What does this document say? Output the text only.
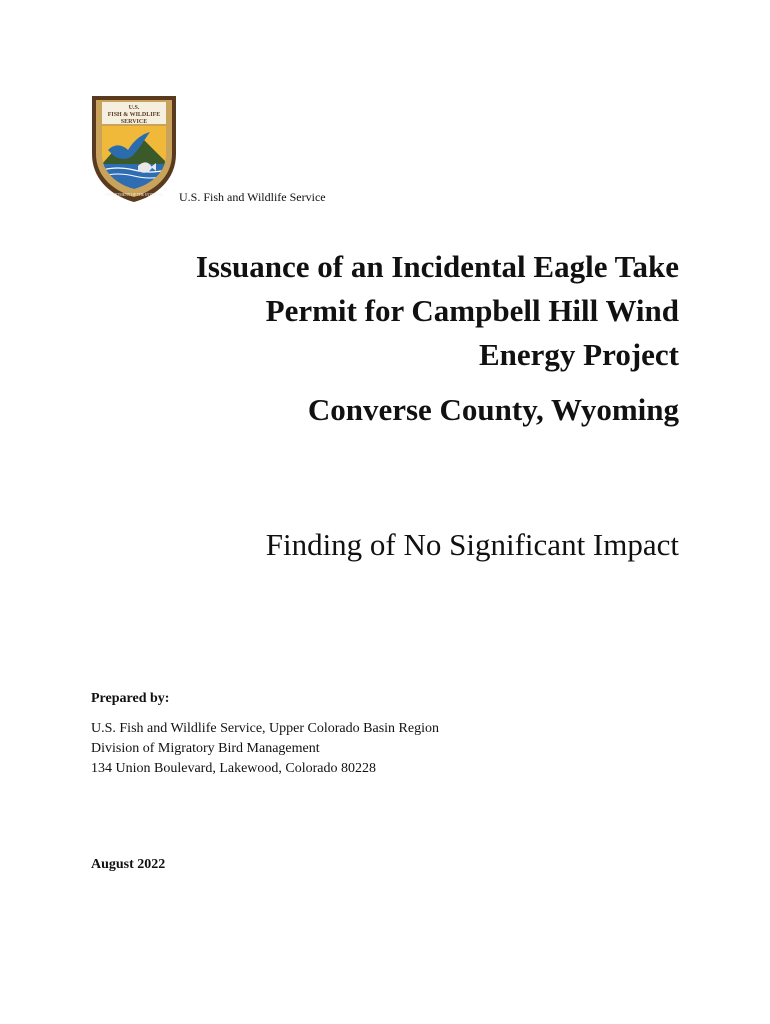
U.S.
FISH & WILDLIFE
SERVICE
DEPARTMENT OF THE INTERIOR U.S. Fish and Wildlife Service
Issuance of an Incidental Eagle Take
Permit for Campbell Hill Wind
Energy Project
Converse County, Wyoming
Finding of No Significant Impact
Prepared by:
U.S. Fish and Wildlife Service, Upper Colorado Basin Region
Division of Migratory Bird Management
134 Union Boulevard, Lakewood, Colorado 80228
August 2022
